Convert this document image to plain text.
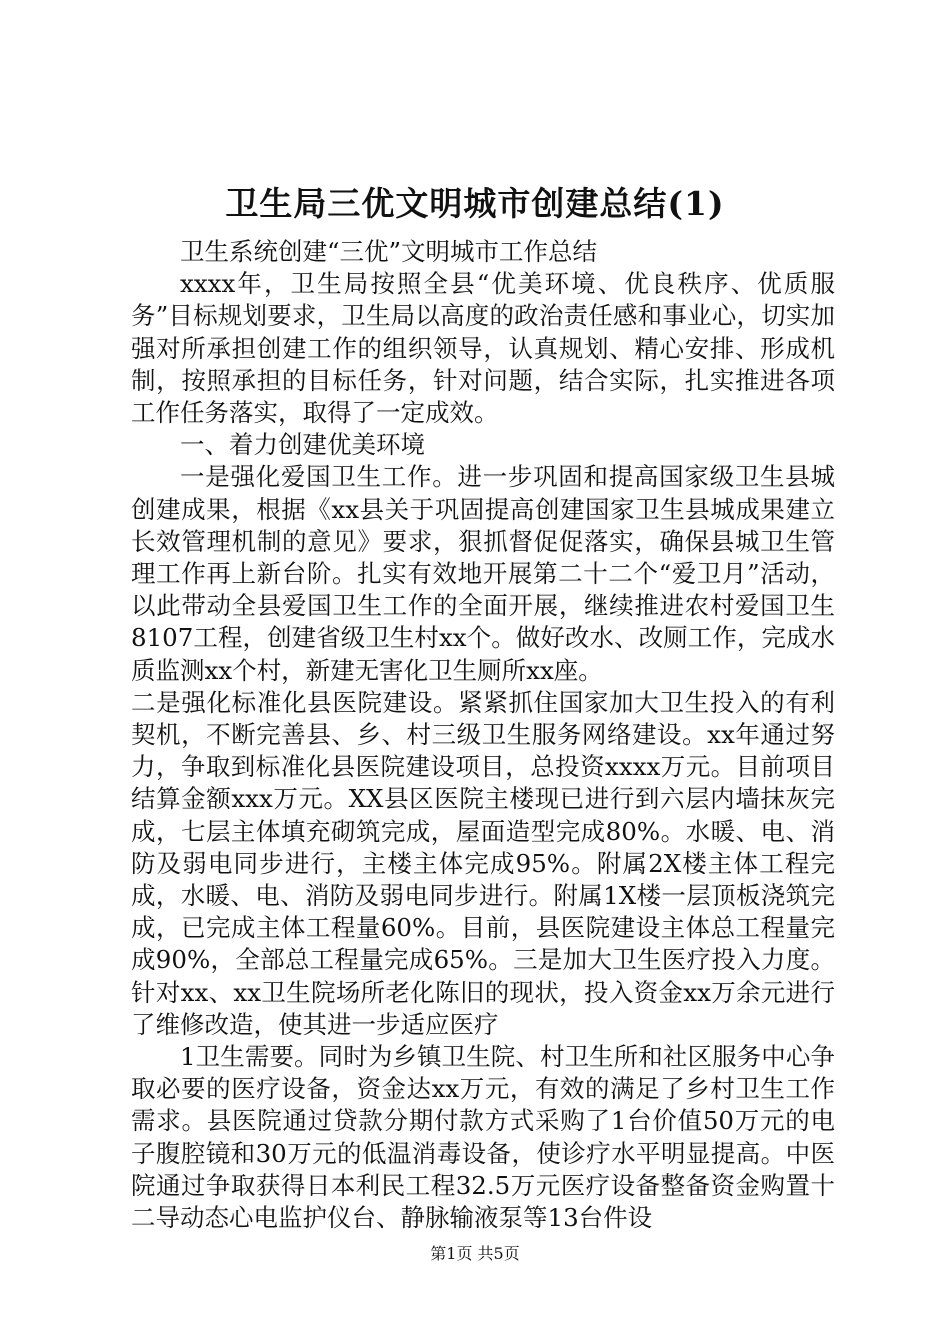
卫生局三优文明城市创建总结(1)

卫生系统创建“三优”文明城市工作总结

xxxx年，卫生局按照全县“优美环境、优良秩序、优质服务”目标规划要求，卫生局以高度的政治责任感和事业心，切实加强对所承担创建工作的组织领导，认真规划、精心安排、形成机制，按照承担的目标任务，针对问题，结合实际，扎实推进各项工作任务落实，取得了一定成效。

一、着力创建优美环境

一是强化爱国卫生工作。进一步巩固和提高国家级卫生县城创建成果，根据《xx县关于巩固提高创建国家卫生县城成果建立长效管理机制的意见》要求，狠抓督促促落实，确保县城卫生管理工作再上新台阶。扎实有效地开展第二十二个“爱卫月”活动，以此带动全县爱国卫生工作的全面开展，继续推进农村爱国卫生8107工程，创建省级卫生村xx个。做好改水、改厕工作，完成水质监测xx个村，新建无害化卫生厕所xx座。

二是强化标准化县医院建设。紧紧抓住国家加大卫生投入的有利契机，不断完善县、乡、村三级卫生服务网络建设。xx年通过努力，争取到标准化县医院建设项目，总投资xxxx万元。目前项目结算金额xxx万元。XX县区医院主楼现已进行到六层内墙抹灰完成，七层主体填充砌筑完成，屋面造型完成80%。水暖、电、消防及弱电同步进行，主楼主体完成95%。附属2X楼主体工程完成，水暖、电、消防及弱电同步进行。附属1X楼一层顶板浇筑完成，已完成主体工程量60%。目前，县医院建设主体总工程量完成90%，全部总工程量完成65%。三是加大卫生医疗投入力度。针对xx、xx卫生院场所老化陈旧的现状，投入资金xx万余元进行了维修改造，使其进一步适应医疗

1卫生需要。同时为乡镇卫生院、村卫生所和社区服务中心争取必要的医疗设备，资金达xx万元，有效的满足了乡村卫生工作需求。县医院通过贷款分期付款方式采购了1台价值50万元的电子腹腔镜和30万元的低温消毒设备，使诊疗水平明显提高。中医院通过争取获得日本利民工程32.5万元医疗设备整备资金购置十二导动态心电监护仪台、静脉输液泵等13台件设

第1页 共5页
